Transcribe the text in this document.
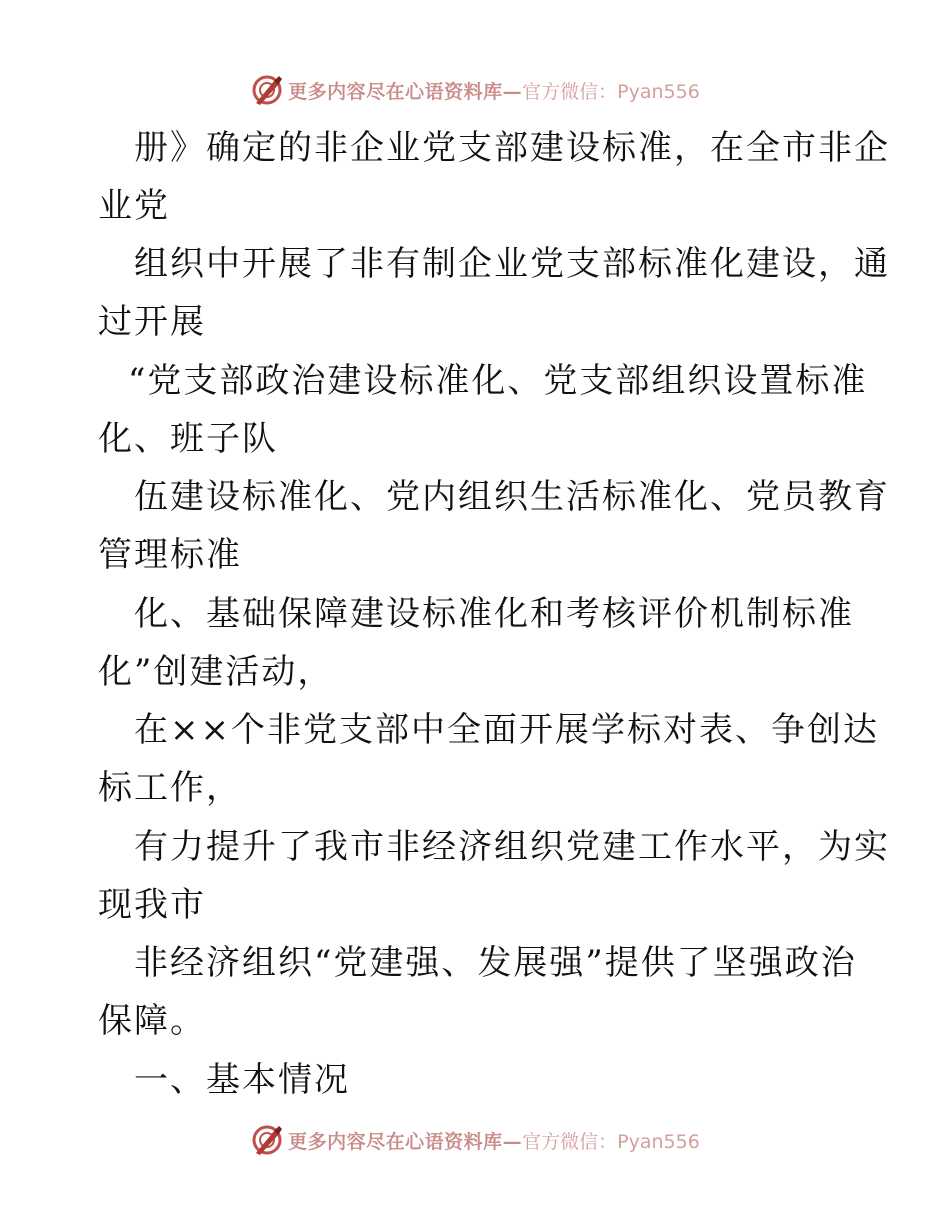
更多内容尽在心语资料库— 官方微信：Pyan556
册》确定的非企业党支部建设标准，在全市非企
业党
组织中开展了非有制企业党支部标准化建设，通
过开展
“党支部政治建设标准化、党支部组织设置标准
化、班子队
伍建设标准化、党内组织生活标准化、党员教育
管理标准
化、基础保障建设标准化和考核评价机制标准
化”创建活动，
在××个非党支部中全面开展学标对表、争创达
标工作，
有力提升了我市非经济组织党建工作水平，为实
现我市
非经济组织“党建强、发展强”提供了坚强政治
保障。
一、基本情况
更多内容尽在心语资料库— 官方微信：Pyan556
